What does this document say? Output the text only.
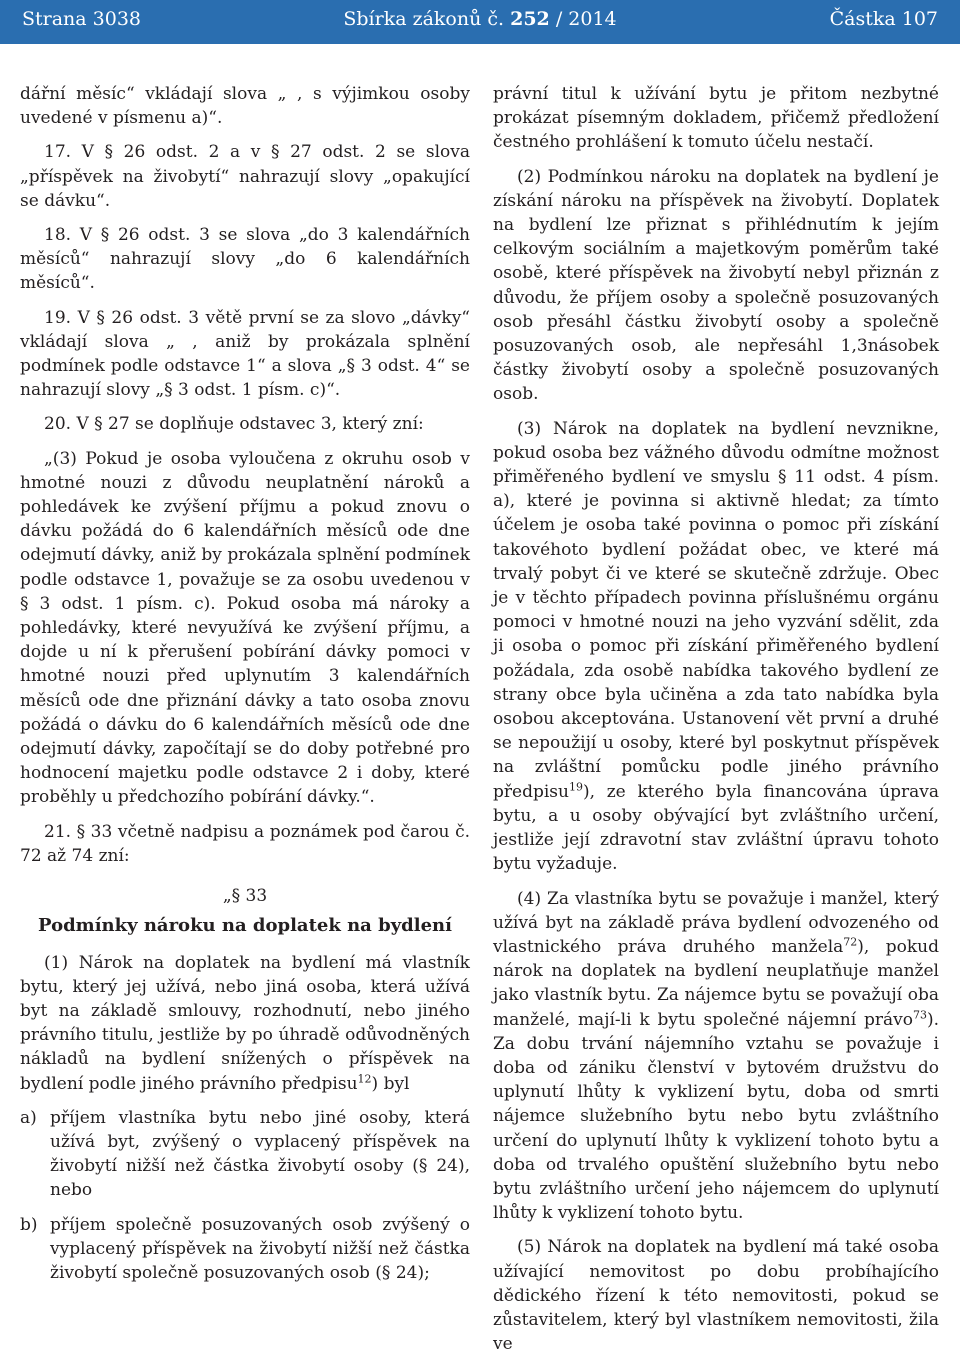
Strana 3038	Sbírka zákonů č. 252 / 2014	Částka 107

dářní měsíc“ vkládají slova „ , s výjimkou osoby uvedené v písmenu a)“.

17. V § 26 odst. 2 a v § 27 odst. 2 se slova „příspěvek na živobytí“ nahrazují slovy „opakující se dávku“.

18. V § 26 odst. 3 se slova „do 3 kalendářních měsíců“ nahrazují slovy „do 6 kalendářních měsíců“.

19. V § 26 odst. 3 větě první se za slovo „dávky“ vkládají slova „ , aniž by prokázala splnění podmínek podle odstavce 1“ a slova „§ 3 odst. 4“ se nahrazují slovy „§ 3 odst. 1 písm. c)“.

20. V § 27 se doplňuje odstavec 3, který zní:

„(3) Pokud je osoba vyloučena z okruhu osob v hmotné nouzi z důvodu neuplatnění nároků a pohledávek ke zvýšení příjmu a pokud znovu o dávku požádá do 6 kalendářních měsíců ode dne odejmutí dávky, aniž by prokázala splnění podmínek podle odstavce 1, považuje se za osobu uvedenou v § 3 odst. 1 písm. c). Pokud osoba má nároky a pohledávky, které nevyužívá ke zvýšení příjmu, a dojde u ní k přerušení pobírání dávky pomoci v hmotné nouzi před uplynutím 3 kalendářních měsíců ode dne přiznání dávky a tato osoba znovu požádá o dávku do 6 kalendářních měsíců ode dne odejmutí dávky, započítají se do doby potřebné pro hodnocení majetku podle odstavce 2 i doby, které proběhly u předchozího pobírání dávky.“.

21. § 33 včetně nadpisu a poznámek pod čarou č. 72 až 74 zní:

„§ 33

Podmínky nároku na doplatek na bydlení

(1) Nárok na doplatek na bydlení má vlastník bytu, který jej užívá, nebo jiná osoba, která užívá byt na základě smlouvy, rozhodnutí, nebo jiného právního titulu, jestliže by po úhradě odůvodněných nákladů na bydlení snížených o příspěvek na bydlení podle jiného právního předpisu$^{12}$) byl

a) příjem vlastníka bytu nebo jiné osoby, která užívá byt, zvýšený o vyplacený příspěvek na živobytí nižší než částka živobytí osoby (§ 24), nebo
b) příjem společně posuzovaných osob zvýšený o vyplacený příspěvek na živobytí nižší než částka živobytí společně posuzovaných osob (§ 24);

právní titul k užívání bytu je přitom nezbytné prokázat písemným dokladem, přičemž předložení čestného prohlášení k tomuto účelu nestačí.

(2) Podmínkou nároku na doplatek na bydlení je získání nároku na příspěvek na živobytí. Doplatek na bydlení lze přiznat s přihlédnutím k jejím celkovým sociálním a majetkovým poměrům také osobě, které příspěvek na živobytí nebyl přiznán z důvodu, že příjem osoby a společně posuzovaných osob přesáhl částku živobytí osoby a společně posuzovaných osob, ale nepřesáhl 1,3násobek částky živobytí osoby a společně posuzovaných osob.

(3) Nárok na doplatek na bydlení nevznikne, pokud osoba bez vážného důvodu odmítne možnost přiměřeného bydlení ve smyslu § 11 odst. 4 písm. a), které je povinna si aktivně hledat; za tímto účelem je osoba také povinna o pomoc při získání takovéhoto bydlení požádat obec, ve které má trvalý pobyt či ve které se skutečně zdržuje. Obec je v těchto případech povinna příslušnému orgánu pomoci v hmotné nouzi na jeho vyzvání sdělit, zda ji osoba o pomoc při získání přiměřeného bydlení požádala, zda osobě nabídka takového bydlení ze strany obce byla učiněna a zda tato nabídka byla osobou akceptována. Ustanovení vět první a druhé se nepoužijí u osoby, které byl poskytnut příspěvek na zvláštní pomůcku podle jiného právního předpisu$^{19}$), ze kterého byla financována úprava bytu, a u osoby obývající byt zvláštního určení, jestliže její zdravotní stav zvláštní úpravu tohoto bytu vyžaduje.

(4) Za vlastníka bytu se považuje i manžel, který užívá byt na základě práva bydlení odvozeného od vlastnického práva druhého manžela$^{72}$), pokud nárok na doplatek na bydlení neuplatňuje manžel jako vlastník bytu. Za nájemce bytu se považují oba manželé, mají-li k bytu společné nájemní právo$^{73}$). Za dobu trvání nájemního vztahu se považuje i doba od zániku členství v bytovém družstvu do uplynutí lhůty k vyklizení bytu, doba od smrti nájemce služebního bytu nebo bytu zvláštního určení do uplynutí lhůty k vyklizení tohoto bytu a doba od trvalého opuštění služebního bytu nebo bytu zvláštního určení jeho nájemcem do uplynutí lhůty k vyklizení tohoto bytu.

(5) Nárok na doplatek na bydlení má také osoba užívající nemovitost po dobu probíhajícího dědického řízení k této nemovitosti, pokud se zůstavitelem, který byl vlastníkem nemovitosti, žila ve
